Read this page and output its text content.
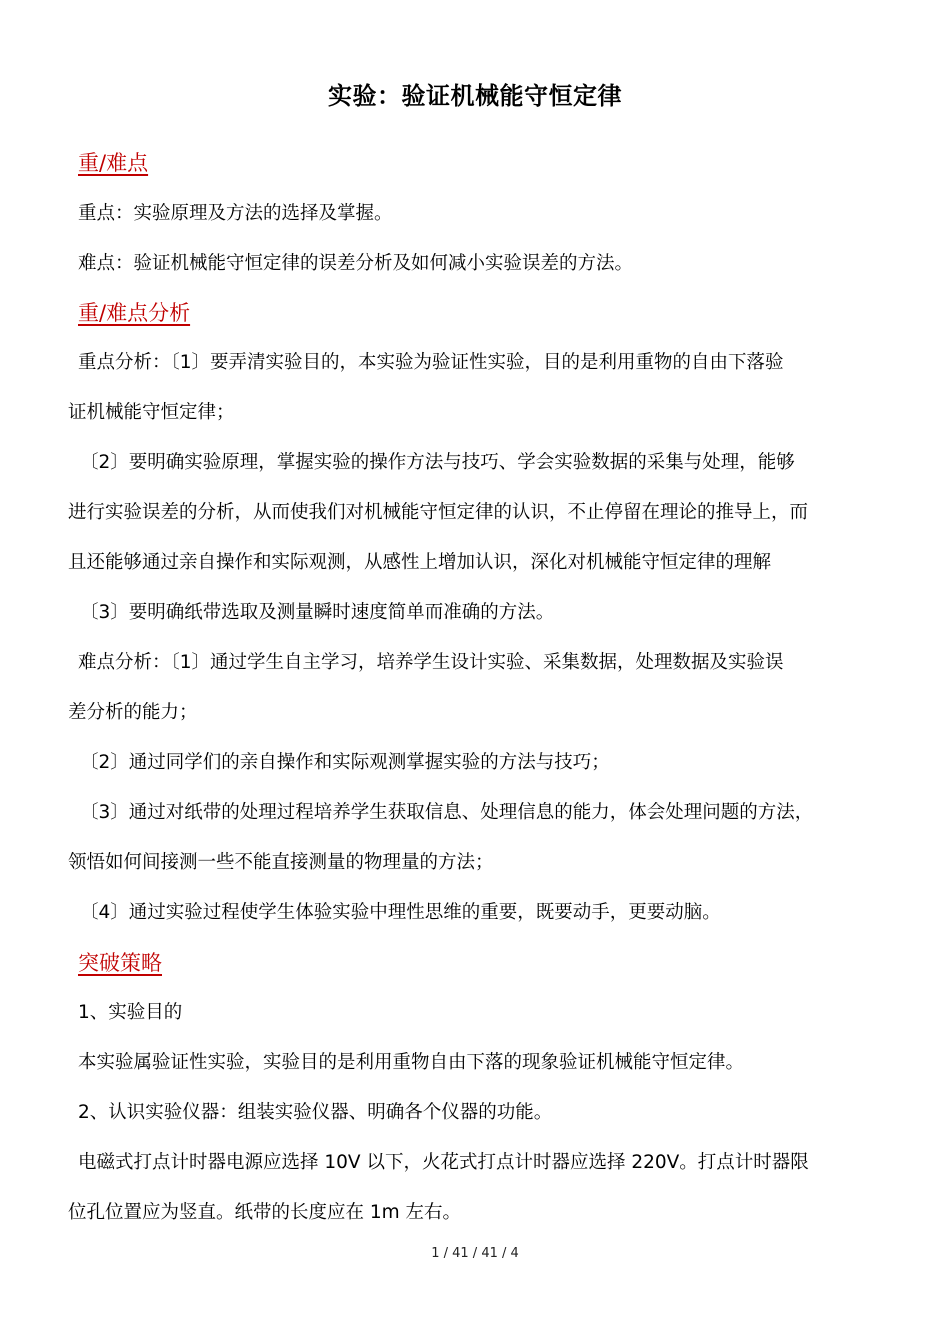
实验：验证机械能守恒定律
重/难点
重点：实验原理及方法的选择及掌握。
难点：验证机械能守恒定律的误差分析及如何减小实验误差的方法。
重/难点分析
重点分析：〔1〕要弄清实验目的，本实验为验证性实验，目的是利用重物的自由下落验
证机械能守恒定律；
〔2〕要明确实验原理，掌握实验的操作方法与技巧、学会实验数据的采集与处理，能够
进行实验误差的分析，从而使我们对机械能守恒定律的认识，不止停留在理论的推导上，而
且还能够通过亲自操作和实际观测，从感性上增加认识，深化对机械能守恒定律的理解
〔3〕要明确纸带选取及测量瞬时速度简单而准确的方法。
难点分析：〔1〕通过学生自主学习，培养学生设计实验、采集数据，处理数据及实验误
差分析的能力；
〔2〕通过同学们的亲自操作和实际观测掌握实验的方法与技巧；
〔3〕通过对纸带的处理过程培养学生获取信息、处理信息的能力，体会处理问题的方法，
领悟如何间接测一些不能直接测量的物理量的方法；
〔4〕通过实验过程使学生体验实验中理性思维的重要，既要动手，更要动脑。
突破策略
1、实验目的
本实验属验证性实验，实验目的是利用重物自由下落的现象验证机械能守恒定律。
2、认识实验仪器：组装实验仪器、明确各个仪器的功能。
电磁式打点计时器电源应选择 10V 以下，火花式打点计时器应选择 220V。打点计时器限
位孔位置应为竖直。纸带的长度应在 1m 左右。
1 / 41 / 41 / 4
